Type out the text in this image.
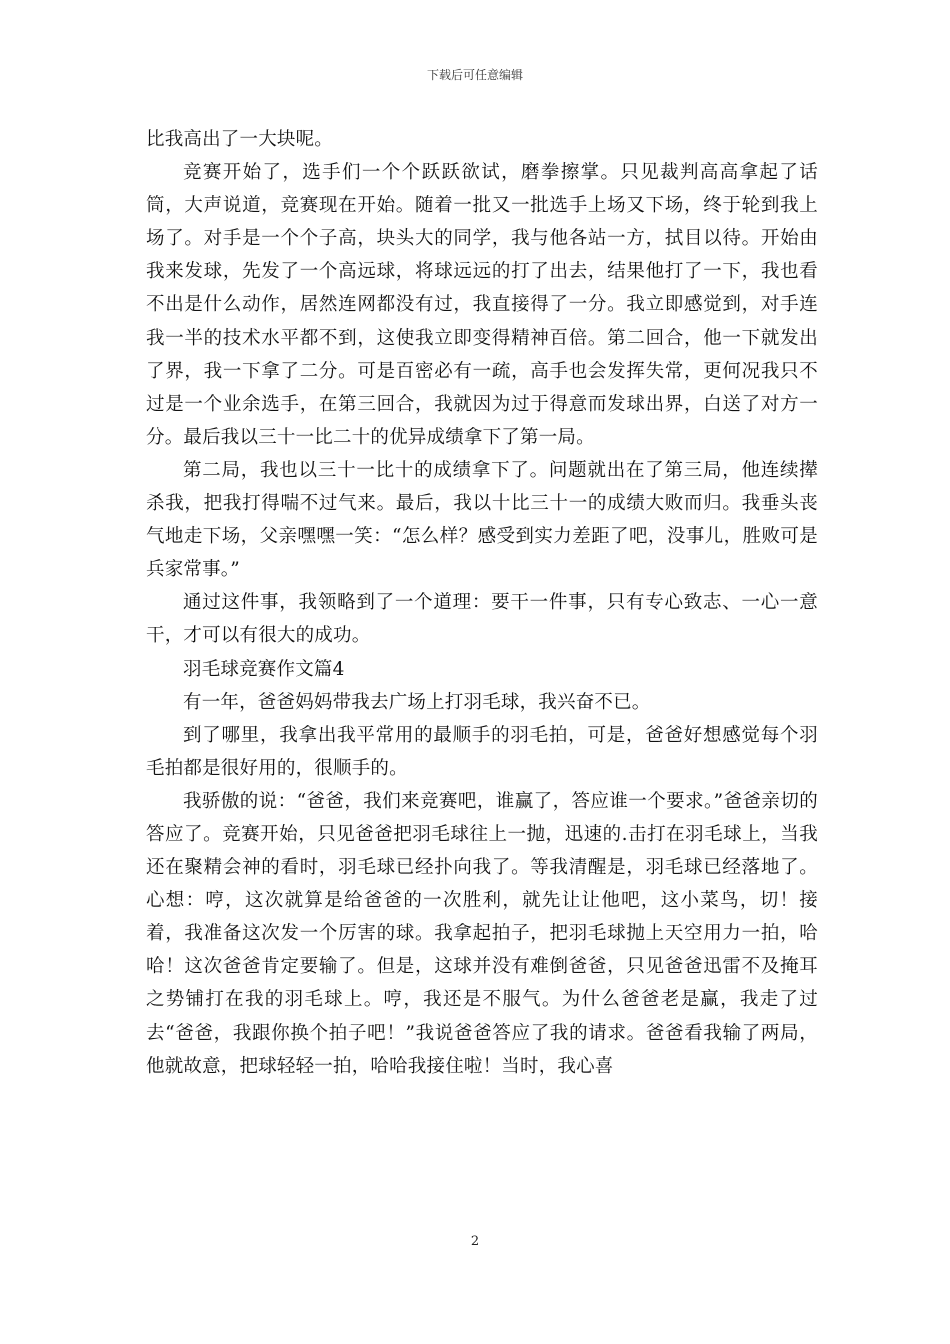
下载后可任意编辑

比我高出了一大块呢。

竞赛开始了，选手们一个个跃跃欲试，磨拳擦掌。只见裁判高高拿起了话筒，大声说道，竞赛现在开始。随着一批又一批选手上场又下场，终于轮到我上场了。对手是一个个子高，块头大的同学，我与他各站一方，拭目以待。开始由我来发球，先发了一个高远球，将球远远的打了出去，结果他打了一下，我也看不出是什么动作，居然连网都没有过，我直接得了一分。我立即感觉到，对手连我一半的技术水平都不到，这使我立即变得精神百倍。第二回合，他一下就发出了界，我一下拿了二分。可是百密必有一疏，高手也会发挥失常，更何况我只不过是一个业余选手，在第三回合，我就因为过于得意而发球出界，白送了对方一分。最后我以三十一比二十的优异成绩拿下了第一局。

第二局，我也以三十一比十的成绩拿下了。问题就出在了第三局，他连续撵杀我，把我打得喘不过气来。最后，我以十比三十一的成绩大败而归。我垂头丧气地走下场，父亲嘿嘿一笑：“怎么样？感受到实力差距了吧，没事儿，胜败可是兵家常事。”

通过这件事，我领略到了一个道理：要干一件事，只有专心致志、一心一意干，才可以有很大的成功。

羽毛球竞赛作文篇4

有一年，爸爸妈妈带我去广场上打羽毛球，我兴奋不已。

到了哪里，我拿出我平常用的最顺手的羽毛拍，可是，爸爸好想感觉每个羽毛拍都是很好用的，很顺手的。

我骄傲的说：“爸爸，我们来竞赛吧，谁赢了，答应谁一个要求。”爸爸亲切的答应了。竞赛开始，只见爸爸把羽毛球往上一抛，迅速的.击打在羽毛球上，当我还在聚精会神的看时，羽毛球已经扑向我了。等我清醒是，羽毛球已经落地了。心想：哼，这次就算是给爸爸的一次胜利，就先让让他吧，这小菜鸟，切！接着，我准备这次发一个厉害的球。我拿起拍子，把羽毛球抛上天空用力一拍，哈哈！这次爸爸肯定要输了。但是，这球并没有难倒爸爸，只见爸爸迅雷不及掩耳之势铺打在我的羽毛球上。哼，我还是不服气。为什么爸爸老是赢，我走了过去“爸爸，我跟你换个拍子吧！”我说爸爸答应了我的请求。爸爸看我输了两局，他就故意，把球轻轻一拍，哈哈我接住啦！当时，我心喜

2
